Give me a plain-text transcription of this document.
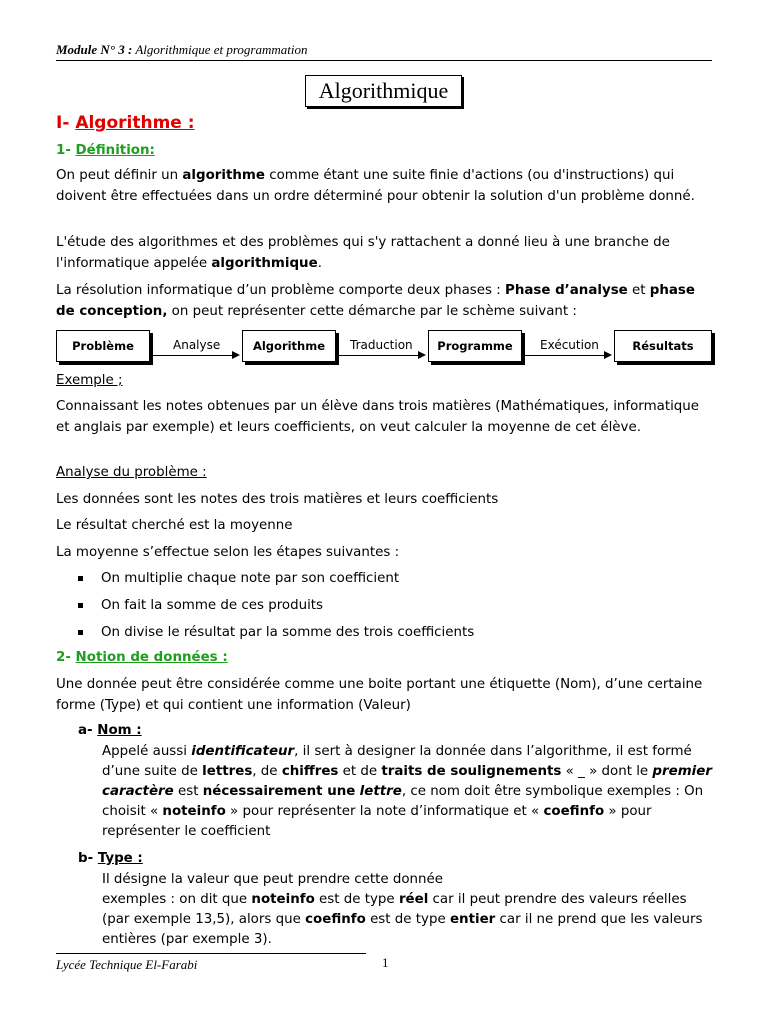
Module N° 3 : Algorithmique et programmation
Algorithmique
I- Algorithme :
1- Définition:
On peut définir un algorithme comme étant une suite finie d'actions (ou d'instructions) qui doivent être effectuées dans un ordre déterminé pour obtenir la solution d'un problème donné.
L'étude des algorithmes et des problèmes qui s'y rattachent a donné lieu à une branche de l'informatique appelée algorithmique.
La résolution informatique d’un problème comporte deux phases : Phase d’analyse et phase de conception, on peut représenter cette démarche par le schème suivant :
Problème	Analyse	Algorithme	Traduction	Programme	Exécution	Résultats
Exemple ;
Connaissant les notes obtenues par un élève dans trois matières (Mathématiques, informatique et anglais par exemple) et leurs coefficients, on veut calculer la moyenne de cet élève.
Analyse du problème :
Les données sont les notes des trois matières et leurs coefficients
Le résultat cherché est la moyenne
La moyenne s’effectue selon les étapes suivantes :
On multiplie chaque note par son coefficient
On fait la somme de ces produits
On divise le résultat par la somme des trois coefficients
2- Notion de données :
Une donnée peut être considérée comme une boite portant une étiquette (Nom), d’une certaine forme (Type) et qui contient une information (Valeur)
a- Nom :
Appelé aussi identificateur, il sert à designer la donnée dans l’algorithme, il est formé d’une suite de lettres, de chiffres et de traits de soulignements « _ » dont le premier caractère est nécessairement une lettre, ce nom doit être symbolique exemples : On choisit « noteinfo » pour représenter la note d’informatique et « coefinfo » pour représenter le coefficient
b- Type :
Il désigne la valeur que peut prendre cette donnée
exemples : on dit que noteinfo est de type réel car il peut prendre des valeurs réelles (par exemple 13,5), alors que coefinfo est de type entier car il ne prend que les valeurs entières (par exemple 3).
Lycée Technique El-Farabi	1
